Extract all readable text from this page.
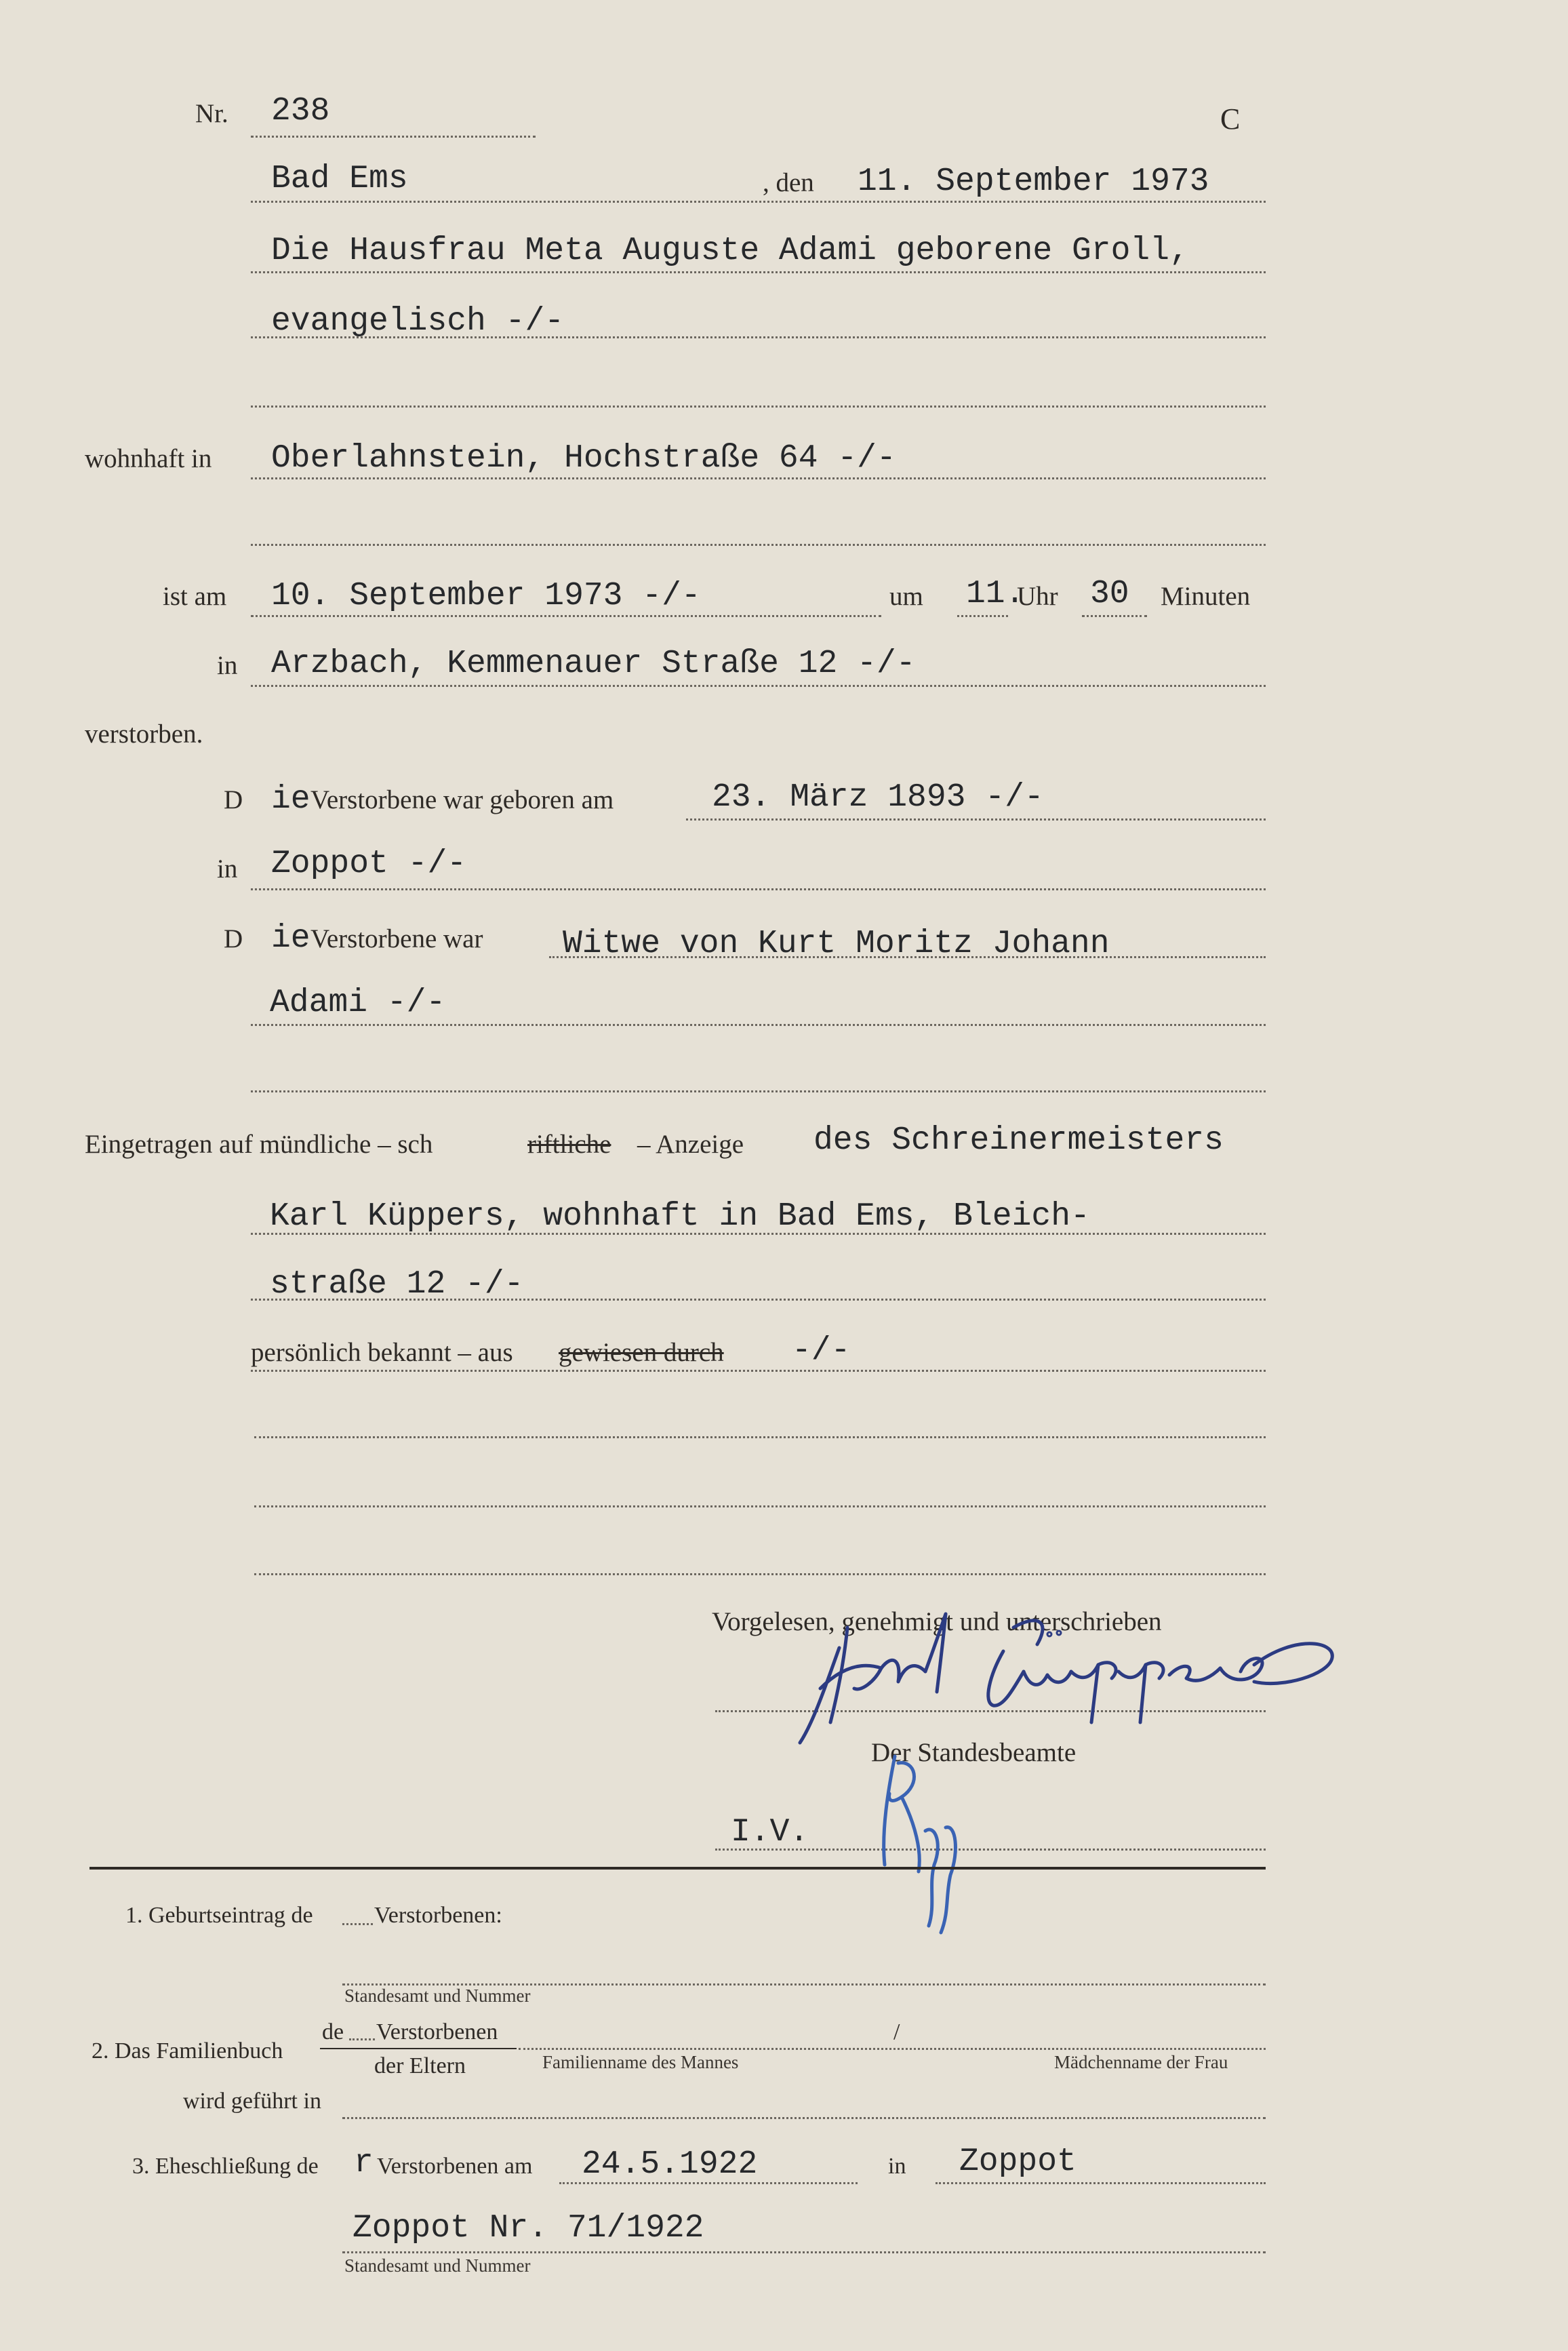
Nr. 238	C
Bad Ems	, den 11. September 1973
Die Hausfrau Meta Auguste Adami geborene Groll,
evangelisch -/-
wohnhaft in Oberlahnstein, Hochstraße 64 -/-
ist am 10. September 1973 -/-	um 11.
Uhr 30 Minuten
in Arzbach, Kemmenauer Straße 12 -/-
verstorben.
D ie Verstorbene war geboren am	23. März 1893 -/-
in Zoppot -/-
D ie Verstorbene war Witwe von Kurt Moritz Johann
Adami -/-
Eingetragen auf mündliche – sch	riftliche – Anzeige des Schreinermeisters
Karl Küppers, wohnhaft in Bad Ems, Bleich-
straße 12 -/-
persönlich bekannt – aus gewiesen durch -/-
Vorgelesen, genehmigt und unterschrieben
Der Standesbeamte
I.V.
1. Geburtseintrag de	Verstorbenen:
Standesamt und Nummer
2. Das Familienbuch
de Verstorbenen
der Eltern
/
Familienname des Mannes	Mädchenname der Frau
wird geführt in
3. Eheschließung de r Verstorbenen am 24.5.1922	in Zoppot
Zoppot Nr. 71/1922
Standesamt und Nummer
